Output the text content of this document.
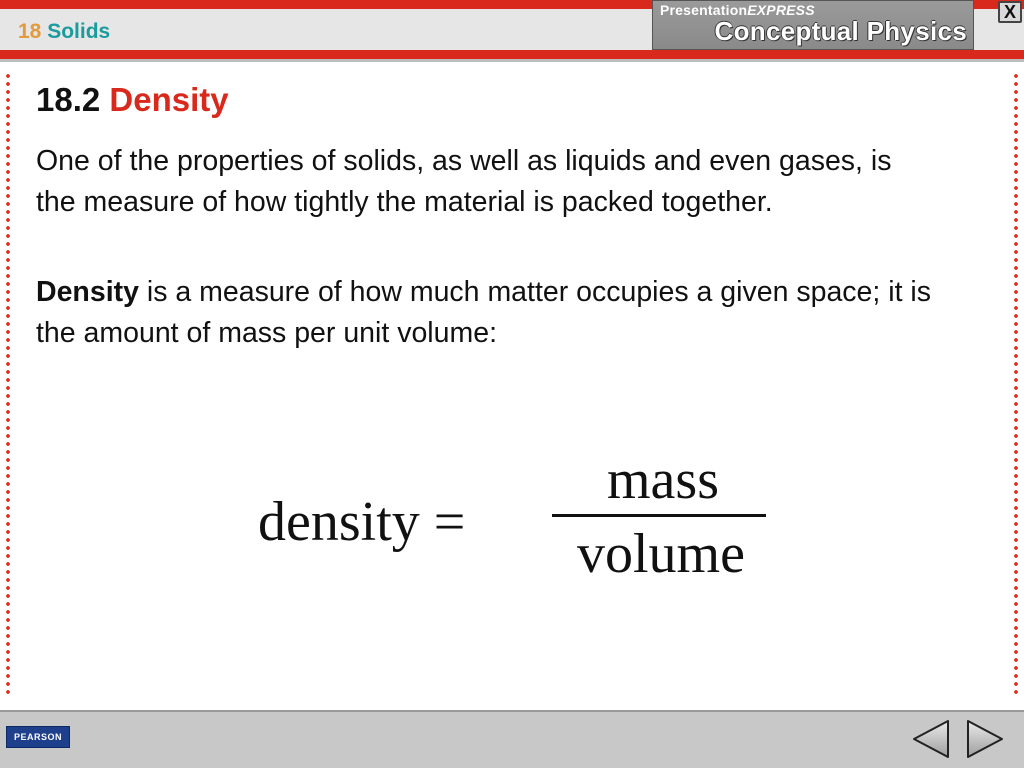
18 Solids
PresentationEXPRESS
Conceptual Physics
X
18.2 Density
One of the properties of solids, as well as liquids and even gases, is the measure of how tightly the material is packed together.
Density is a measure of how much matter occupies a given space; it is the amount of mass per unit volume:
density =
mass
volume
PEARSON
